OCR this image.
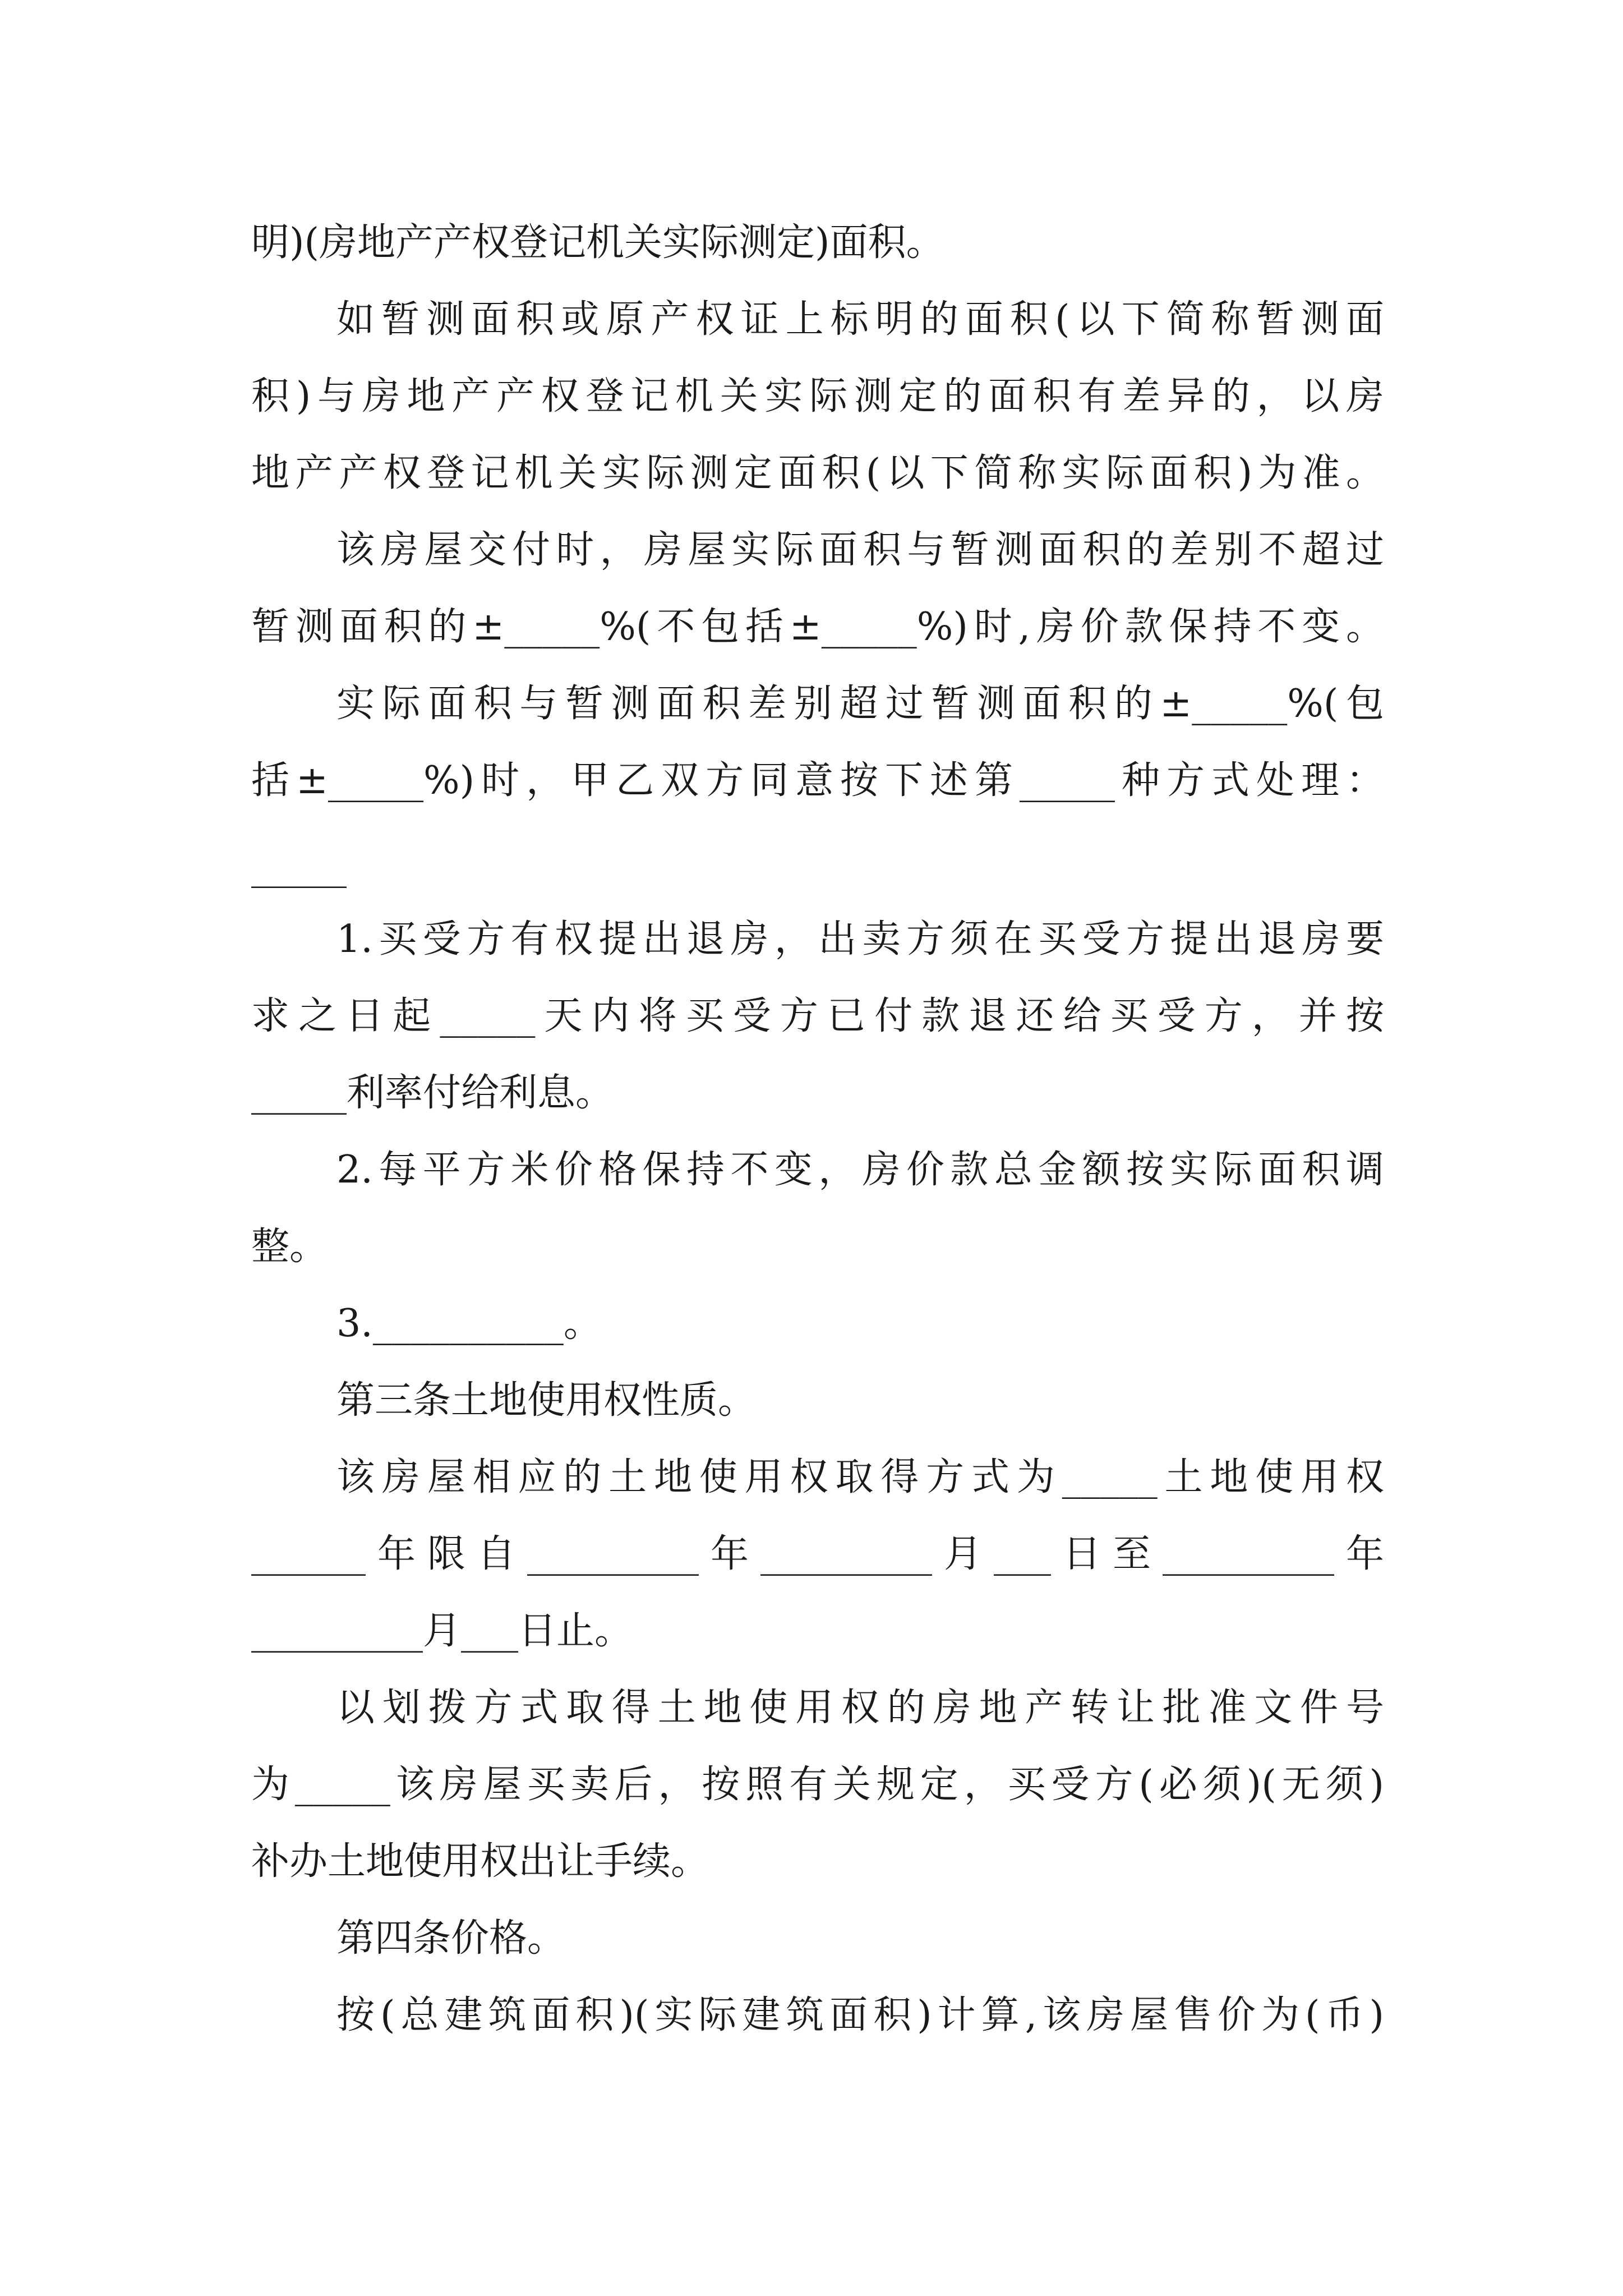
明)(房地产产权登记机关实际测定)面积。
如暂测面积或原产权证上标明的面积(以下简称暂测面
积)与房地产产权登记机关实际测定的面积有差异的，以房
地产产权登记机关实际测定面积(以下简称实际面积)为准。
该房屋交付时，房屋实际面积与暂测面积的差别不超过
暂测面积的±_____%(不包括±_____%)时,房价款保持不变。
实际面积与暂测面积差别超过暂测面积的±_____%(包
括±_____%)时，甲乙双方同意按下述第_____种方式处理：
_____
1.买受方有权提出退房，出卖方须在买受方提出退房要
求之日起_____天内将买受方已付款退还给买受方，并按
_____利率付给利息。
2.每平方米价格保持不变，房价款总金额按实际面积调
整。
3.__________。
第三条土地使用权性质。
该房屋相应的土地使用权取得方式为_____土地使用权
______年限自_________年_________月___日至_________年
_________月___日止。
以划拨方式取得土地使用权的房地产转让批准文件号
为_____该房屋买卖后，按照有关规定，买受方(必须)(无须)
补办土地使用权出让手续。
第四条价格。
按(总建筑面积)(实际建筑面积)计算,该房屋售价为(币)
